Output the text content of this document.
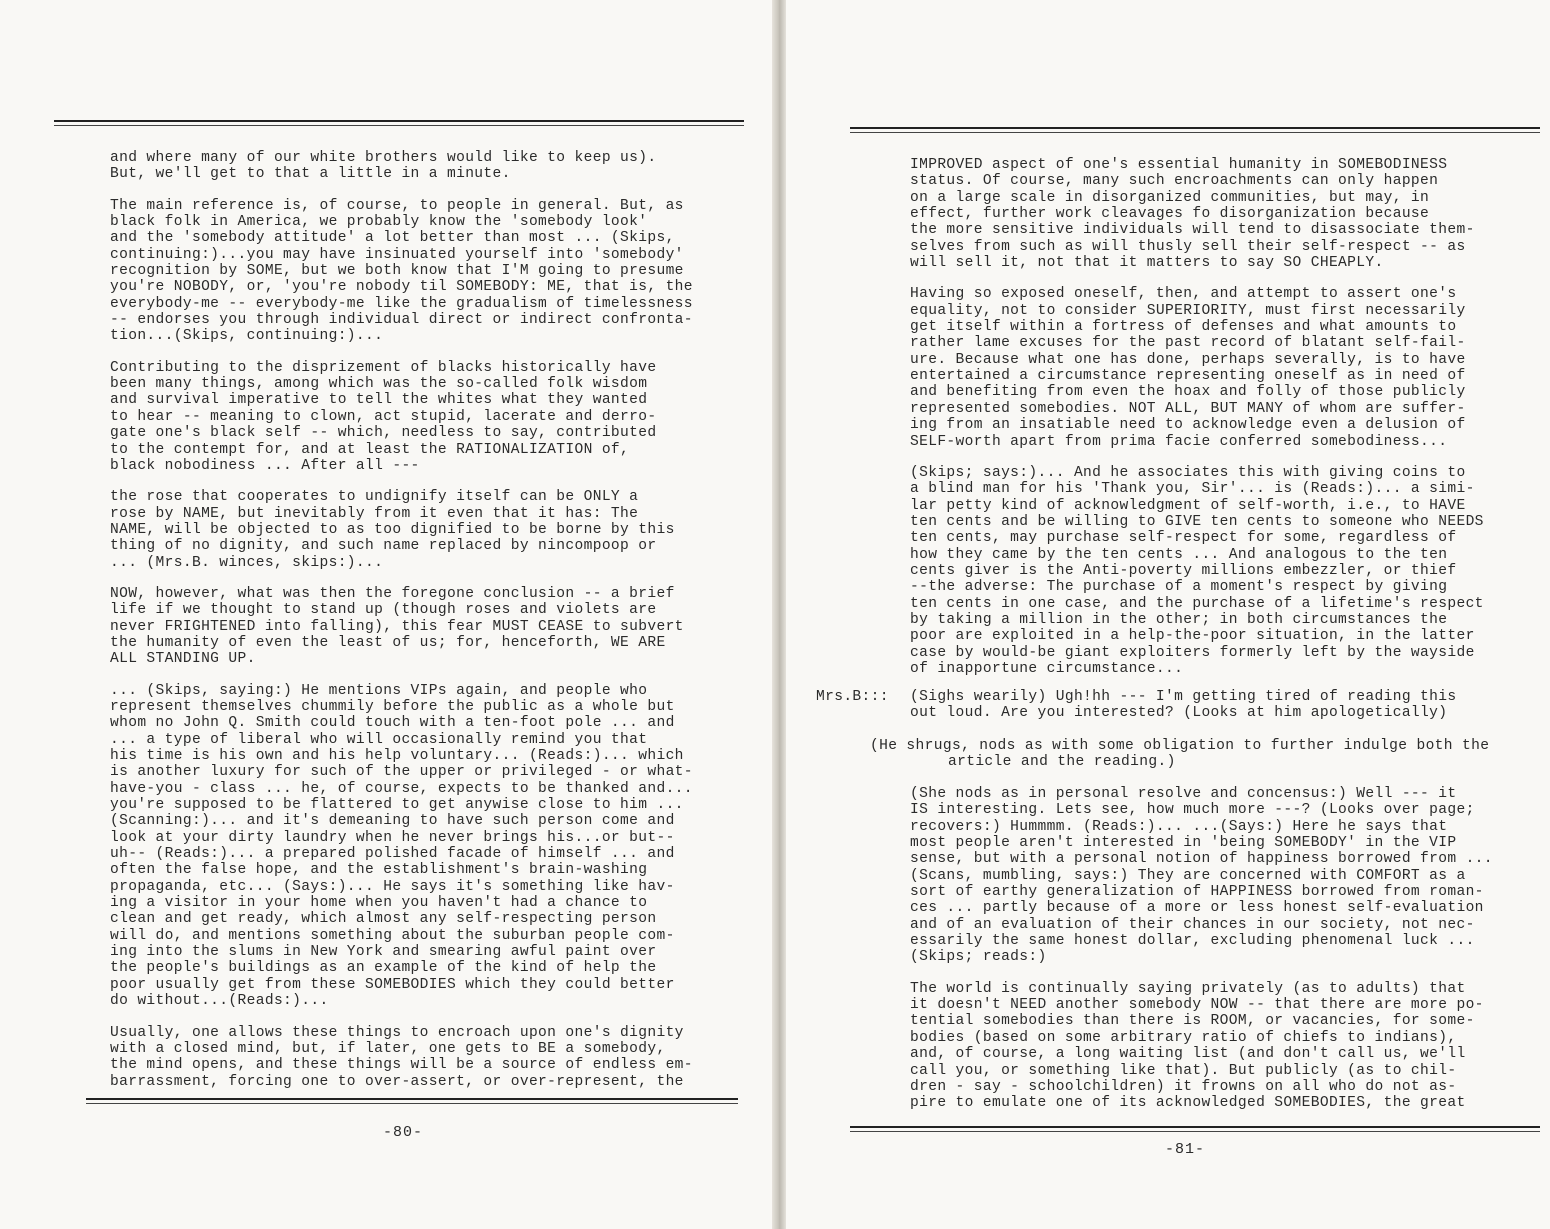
and where many of our white brothers would like to keep us).
But, we'll get to that a little in a minute.
The main reference is, of course, to people in general. But, as
black folk in America, we probably know the 'somebody look'
and the 'somebody attitude' a lot better than most ... (Skips,
continuing:)...you may have insinuated yourself into 'somebody'
recognition by SOME, but we both know that I'M going to presume
you're NOBODY, or, 'you're nobody til SOMEBODY: ME, that is, the
everybody-me -- everybody-me like the gradualism of timelessness
-- endorses you through individual direct or indirect confronta-
tion...(Skips, continuing:)...
Contributing to the disprizement of blacks historically have
been many things, among which was the so-called folk wisdom
and survival imperative to tell the whites what they wanted
to hear -- meaning to clown, act stupid, lacerate and derro-
gate one's black self -- which, needless to say, contributed
to the contempt for, and at least the RATIONALIZATION of,
black nobodiness ... After all ---
the rose that cooperates to undignify itself can be ONLY a
rose by NAME, but inevitably from it even that it has: The
NAME, will be objected to as too dignified to be borne by this
thing of no dignity, and such name replaced by nincompoop or
... (Mrs.B. winces, skips:)...
NOW, however, what was then the foregone conclusion -- a brief
life if we thought to stand up (though roses and violets are
never FRIGHTENED into falling), this fear MUST CEASE to subvert
the humanity of even the least of us; for, henceforth, WE ARE
ALL STANDING UP.
... (Skips, saying:) He mentions VIPs again, and people who
represent themselves chummily before the public as a whole but
whom no John Q. Smith could touch with a ten-foot pole ... and
... a type of liberal who will occasionally remind you that
his time is his own and his help voluntary... (Reads:)... which
is another luxury for such of the upper or privileged - or what-
have-you - class ... he, of course, expects to be thanked and...
you're supposed to be flattered to get anywise close to him ...
(Scanning:)... and it's demeaning to have such person come and
look at your dirty laundry when he never brings his...or but--
uh-- (Reads:)... a prepared polished facade of himself ... and
often the false hope, and the establishment's brain-washing
propaganda, etc... (Says:)... He says it's something like hav-
ing a visitor in your home when you haven't had a chance to
clean and get ready, which almost any self-respecting person
will do, and mentions something about the suburban people com-
ing into the slums in New York and smearing awful paint over
the people's buildings as an example of the kind of help the
poor usually get from these SOMEBODIES which they could better
do without...(Reads:)...
Usually, one allows these things to encroach upon one's dignity
with a closed mind, but, if later, one gets to BE a somebody,
the mind opens, and these things will be a source of endless em-
barrassment, forcing one to over-assert, or over-represent, the
-80-
IMPROVED aspect of one's essential humanity in SOMEBODINESS
status. Of course, many such encroachments can only happen
on a large scale in disorganized communities, but may, in
effect, further work cleavages fo disorganization because
the more sensitive individuals will tend to disassociate them-
selves from such as will thusly sell their self-respect -- as
will sell it, not that it matters to say SO CHEAPLY.
Having so exposed oneself, then, and attempt to assert one's
equality, not to consider SUPERIORITY, must first necessarily
get itself within a fortress of defenses and what amounts to
rather lame excuses for the past record of blatant self-fail-
ure. Because what one has done, perhaps severally, is to have
entertained a circumstance representing oneself as in need of
and benefiting from even the hoax and folly of those publicly
represented somebodies. NOT ALL, BUT MANY of whom are suffer-
ing from an insatiable need to acknowledge even a delusion of
SELF-worth apart from prima facie conferred somebodiness...
(Skips; says:)... And he associates this with giving coins to
a blind man for his 'Thank you, Sir'... is (Reads:)... a simi-
lar petty kind of acknowledgment of self-worth, i.e., to HAVE
ten cents and be willing to GIVE ten cents to someone who NEEDS
ten cents, may purchase self-respect for some, regardless of
how they came by the ten cents ... And analogous to the ten
cents giver is the Anti-poverty millions embezzler, or thief
--the adverse: The purchase of a moment's respect by giving
ten cents in one case, and the purchase of a lifetime's respect
by taking a million in the other; in both circumstances the
poor are exploited in a help-the-poor situation, in the latter
case by would-be giant exploiters formerly left by the wayside
of inapportune circumstance...
Mrs.B::: (Sighs wearily) Ugh!hh --- I'm getting tired of reading this
out loud. Are you interested? (Looks at him apologetically)
(He shrugs, nods as with some obligation to further indulge both the
article and the reading.)
(She nods as in personal resolve and concensus:) Well --- it
IS interesting. Lets see, how much more ---? (Looks over page;
recovers:) Hummmm. (Reads:)... ...(Says:) Here he says that
most people aren't interested in 'being SOMEBODY' in the VIP
sense, but with a personal notion of happiness borrowed from ...
(Scans, mumbling, says:) They are concerned with COMFORT as a
sort of earthy generalization of HAPPINESS borrowed from roman-
ces ... partly because of a more or less honest self-evaluation
and of an evaluation of their chances in our society, not nec-
essarily the same honest dollar, excluding phenomenal luck ...
(Skips; reads:)
The world is continually saying privately (as to adults) that
it doesn't NEED another somebody NOW -- that there are more po-
tential somebodies than there is ROOM, or vacancies, for some-
bodies (based on some arbitrary ratio of chiefs to indians),
and, of course, a long waiting list (and don't call us, we'll
call you, or something like that). But publicly (as to chil-
dren - say - schoolchildren) it frowns on all who do not as-
pire to emulate one of its acknowledged SOMEBODIES, the great
-81-
